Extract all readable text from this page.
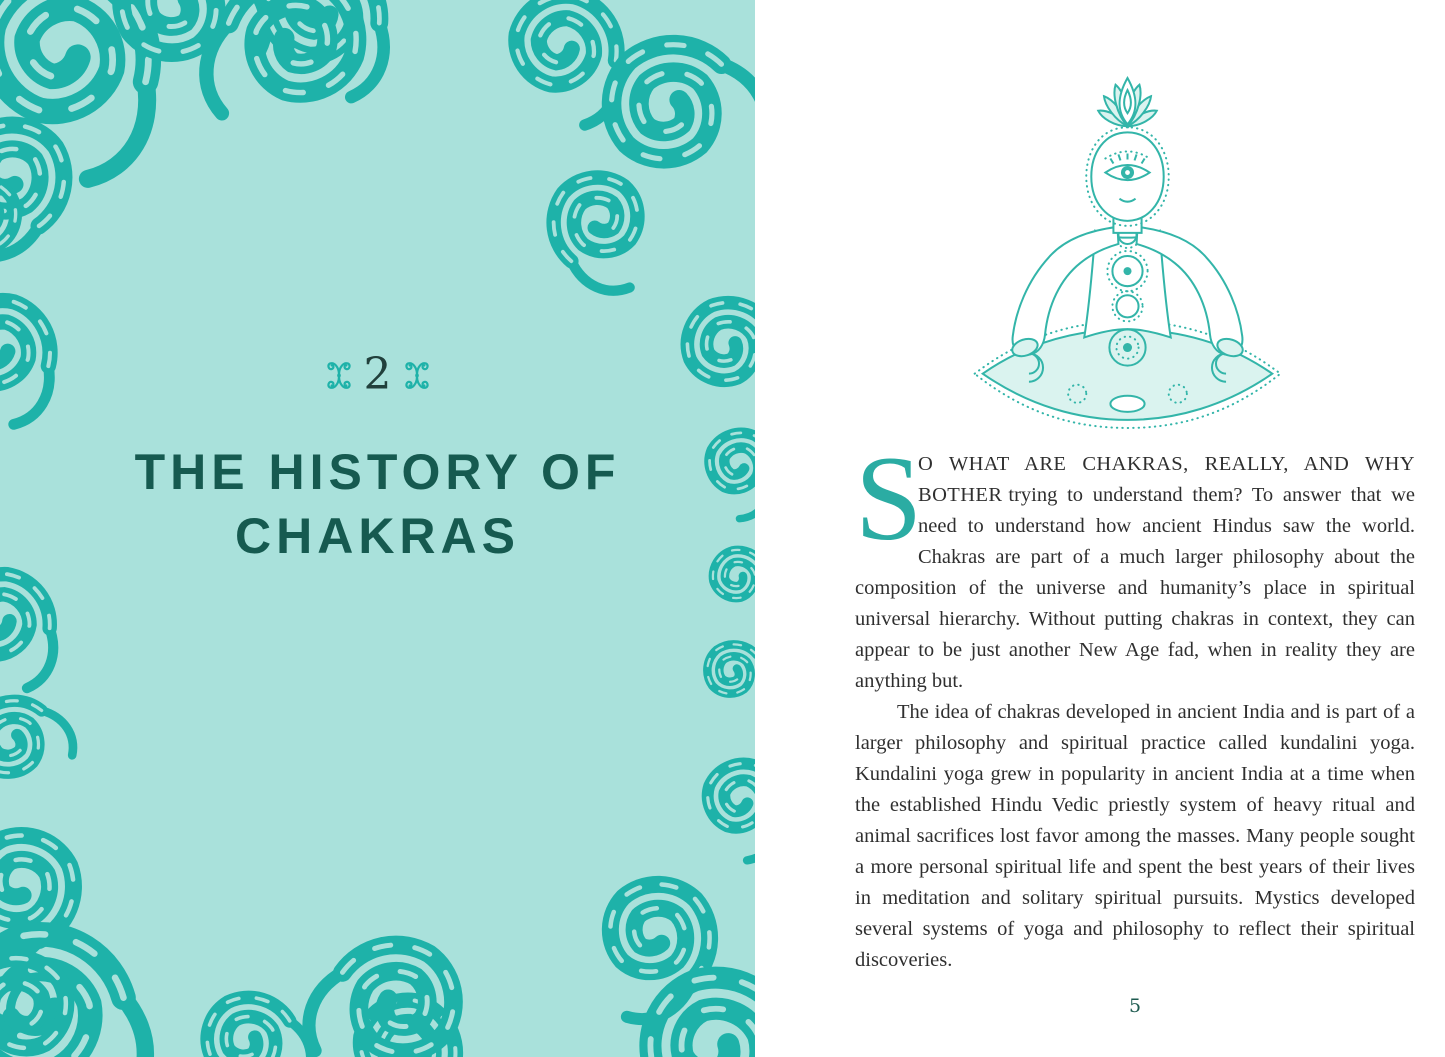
2
THE HISTORY OF
CHAKRAS	S
O WHAT ARE CHAKRAS, REALLY, AND WHY BOTHER trying to understand them? To answer that we need to understand how ancient Hindus saw the world. Chakras are part of a much larger philosophy about the composition of the universe and humanity’s place in spiritual universal hierarchy. Without putting chakras in context, they can appear to be just another New Age fad, when in reality they are anything but.

The idea of chakras developed in ancient India and is part of a larger philosophy and spiritual practice called kundalini yoga. Kundalini yoga grew in popularity in ancient India at a time when the established Hindu Vedic priestly system of heavy ritual and animal sacrifices lost favor among the masses. Many people sought a more personal spiritual life and spent the best years of their lives in meditation and solitary spiritual pursuits. Mystics developed several systems of yoga and philosophy to reflect their spiritual discoveries.

5
